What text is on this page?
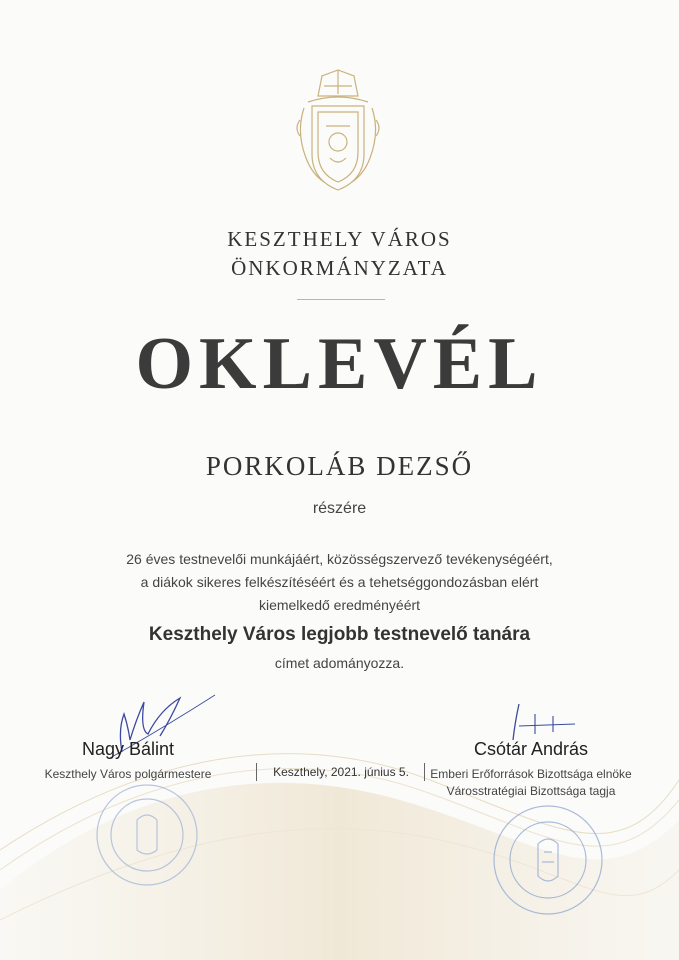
KESZTHELY VÁROS
ÖNKORMÁNYZATA
OKLEVÉL
PORKOLÁB DEZSŐ
részére
26 éves testnevelői munkájáért, közösségszervező tevékenységéért,
a diákok sikeres felkészítéséért és a tehetséggondozásban elért
kiemelkedő eredményéért
Keszthely Város legjobb testnevelő tanára
címet adományozza.
Nagy Bálint
Keszthely Város polgármestere	Keszthely, 2021. június 5.
Csótár András
Emberi Erőforrások Bizottsága elnöke
Városstratégiai Bizottsága tagja
